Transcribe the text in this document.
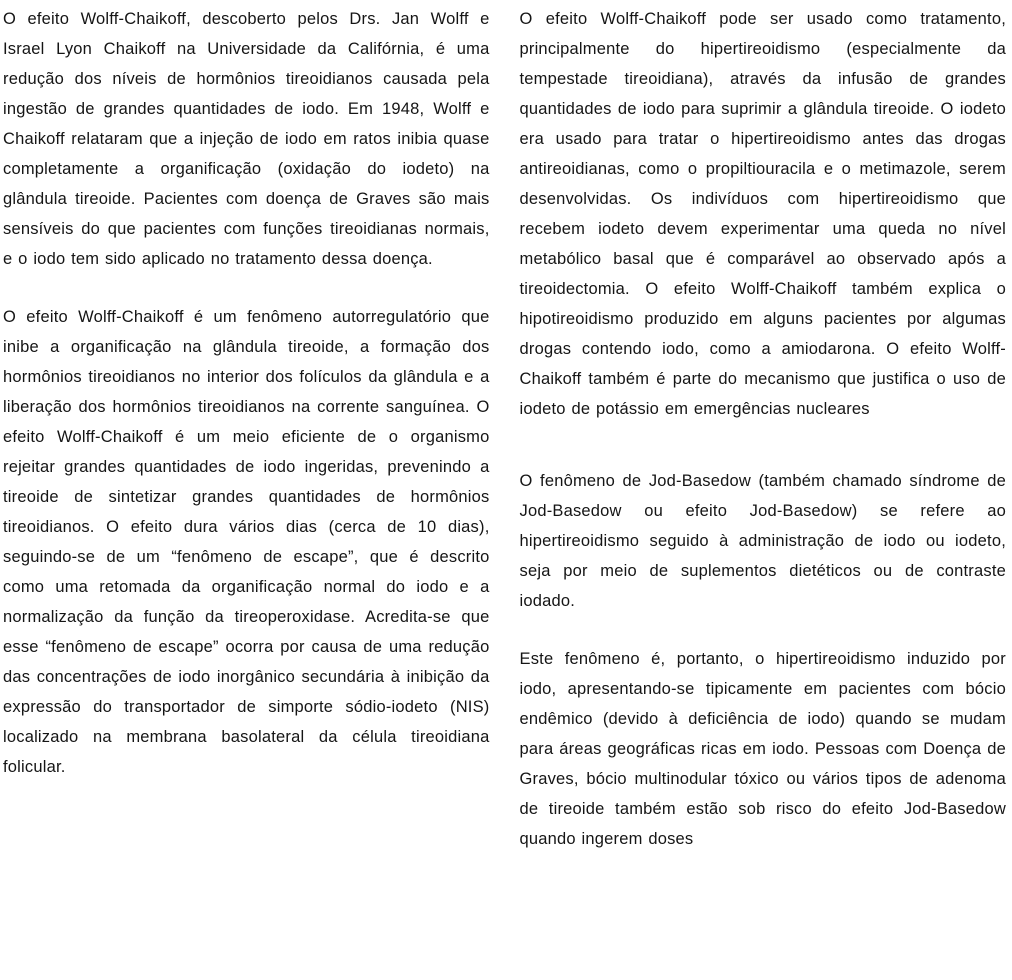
O efeito Wolff-Chaikoff, descoberto pelos Drs. Jan Wolff e Israel Lyon Chaikoff na Universidade da Califórnia, é uma redução dos níveis de hormônios tireoidianos causada pela ingestão de grandes quantidades de iodo. Em 1948, Wolff e Chaikoff relataram que a injeção de iodo em ratos inibia quase completamente a organificação (oxidação do iodeto) na glândula tireoide. Pacientes com doença de Graves são mais sensíveis do que pacientes com funções tireoidianas normais, e o iodo tem sido aplicado no tratamento dessa doença.

O efeito Wolff-Chaikoff é um fenômeno autorregulatório que inibe a organificação na glândula tireoide, a formação dos hormônios tireoidianos no interior dos folículos da glândula e a liberação dos hormônios tireoidianos na corrente sanguínea. O efeito Wolff-Chaikoff é um meio eficiente de o organismo rejeitar grandes quantidades de iodo ingeridas, prevenindo a tireoide de sintetizar grandes quantidades de hormônios tireoidianos. O efeito dura vários dias (cerca de 10 dias), seguindo-se de um “fenômeno de escape”, que é descrito como uma retomada da organificação normal do iodo e a normalização da função da tireoperoxidase. Acredita-se que esse “fenômeno de escape” ocorra por causa de uma redução das concentrações de iodo inorgânico secundária à inibição da expressão do transportador de simporte sódio-iodeto (NIS) localizado na membrana basolateral da célula tireoidiana folicular.

O efeito Wolff-Chaikoff pode ser usado como tratamento, principalmente do hipertireoidismo (especialmente da tempestade tireoidiana), através da infusão de grandes quantidades de iodo para suprimir a glândula tireoide. O iodeto era usado para tratar o hipertireoidismo antes das drogas antireoidianas, como o propiltiouracila e o metimazole, serem desenvolvidas. Os indivíduos com hipertireoidismo que recebem iodeto devem experimentar uma queda no nível metabólico basal que é comparável ao observado após a tireoidectomia. O efeito Wolff-Chaikoff também explica o hipotireoidismo produzido em alguns pacientes por algumas drogas contendo iodo, como a amiodarona. O efeito Wolff-Chaikoff também é parte do mecanismo que justifica o uso de iodeto de potássio em emergências nucleares

O fenômeno de Jod-Basedow (também chamado síndrome de Jod-Basedow ou efeito Jod-Basedow) se refere ao hipertireoidismo seguido à administração de iodo ou iodeto, seja por meio de suplementos dietéticos ou de contraste iodado.

Este fenômeno é, portanto, o hipertireoidismo induzido por iodo, apresentando-se tipicamente em pacientes com bócio endêmico (devido à deficiência de iodo) quando se mudam para áreas geográficas ricas em iodo. Pessoas com Doença de Graves, bócio multinodular tóxico ou vários tipos de adenoma de tireoide também estão sob risco do efeito Jod-Basedow quando ingerem doses
